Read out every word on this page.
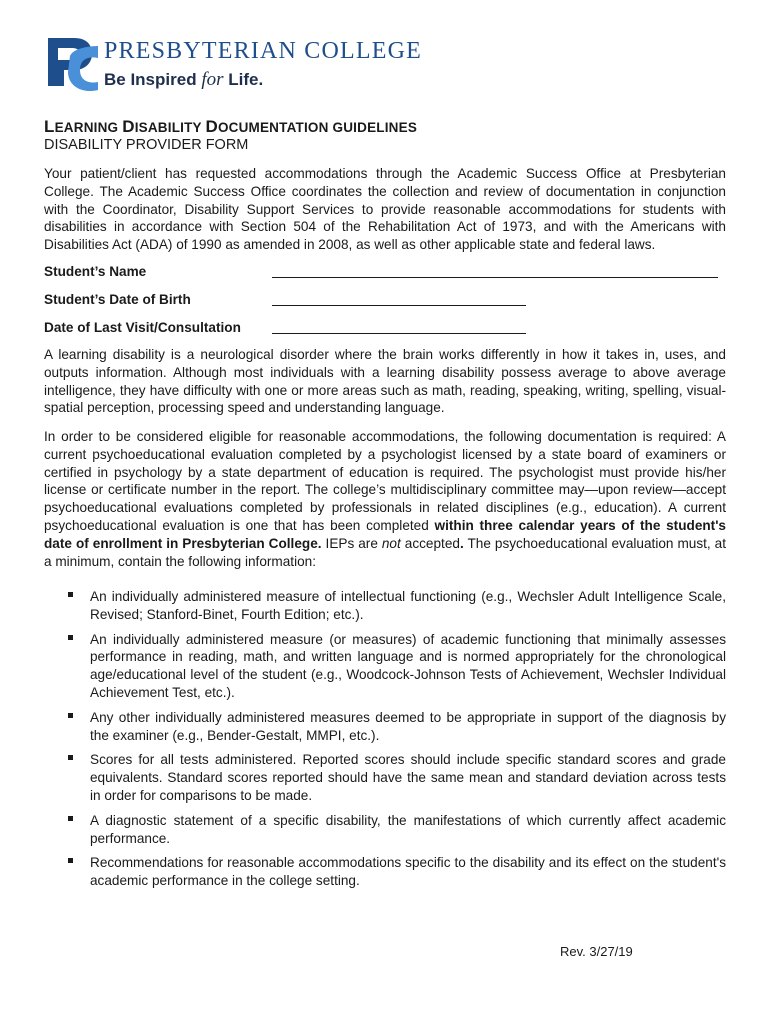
PRESBYTERIAN COLLEGE
Be Inspired for Life.
LEARNING DISABILITY DOCUMENTATION GUIDELINES
DISABILITY PROVIDER FORM

Your patient/client has requested accommodations through the Academic Success Office at Presbyterian College. The Academic Success Office coordinates the collection and review of documentation in conjunction with the Coordinator, Disability Support Services to provide reasonable accommodations for students with disabilities in accordance with Section 504 of the Rehabilitation Act of 1973, and with the Americans with Disabilities Act (ADA) of 1990 as amended in 2008, as well as other applicable state and federal laws.

Student’s Name
Student’s Date of Birth
Date of Last Visit/Consultation

A learning disability is a neurological disorder where the brain works differently in how it takes in, uses, and outputs information. Although most individuals with a learning disability possess average to above average intelligence, they have difficulty with one or more areas such as math, reading, speaking, writing, spelling, visual-spatial perception, processing speed and understanding language.

In order to be considered eligible for reasonable accommodations, the following documentation is required: A current psychoeducational evaluation completed by a psychologist licensed by a state board of examiners or certified in psychology by a state department of education is required. The psychologist must provide his/her license or certificate number in the report. The college’s multidisciplinary committee may—upon review—accept psychoeducational evaluations completed by professionals in related disciplines (e.g., education). A current psychoeducational evaluation is one that has been completed within three calendar years of the student's date of enrollment in Presbyterian College. IEPs are not accepted. The psychoeducational evaluation must, at a minimum, contain the following information:

An individually administered measure of intellectual functioning (e.g., Wechsler Adult Intelligence Scale, Revised; Stanford-Binet, Fourth Edition; etc.).
An individually administered measure (or measures) of academic functioning that minimally assesses performance in reading, math, and written language and is normed appropriately for the chronological age/educational level of the student (e.g., Woodcock-Johnson Tests of Achievement, Wechsler Individual Achievement Test, etc.).
Any other individually administered measures deemed to be appropriate in support of the diagnosis by the examiner (e.g., Bender-Gestalt, MMPI, etc.).
Scores for all tests administered. Reported scores should include specific standard scores and grade equivalents. Standard scores reported should have the same mean and standard deviation across tests in order for comparisons to be made.
A diagnostic statement of a specific disability, the manifestations of which currently affect academic performance.
Recommendations for reasonable accommodations specific to the disability and its effect on the student's academic performance in the college setting.
Rev. 3/27/19
